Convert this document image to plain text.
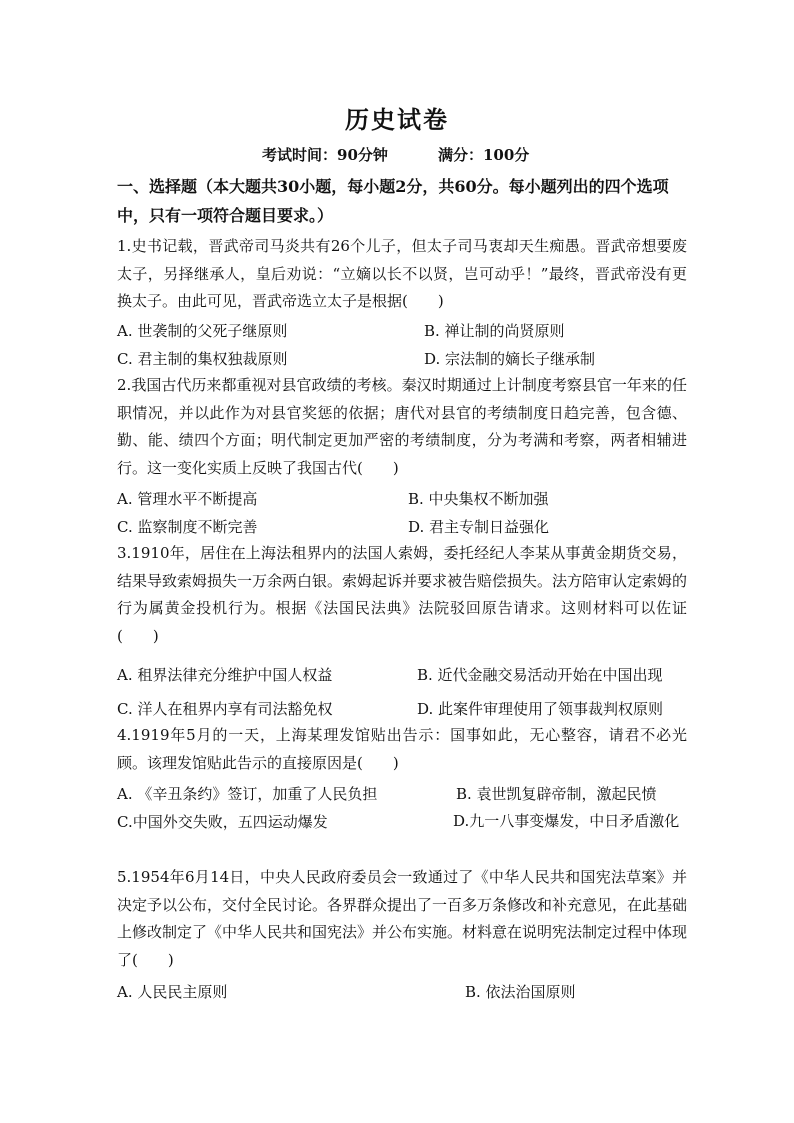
历史试卷
考试时间：90分钟	满分：100分
一、选择题（本大题共30小题，每小题2分，共60分。每小题列出的四个选项中，只有一项符合题目要求。）
1.史书记载，晋武帝司马炎共有26个儿子，但太子司马衷却天生痴愚。晋武帝想要废太子，另择继承人，皇后劝说：“立嫡以长不以贤，岂可动乎！”最终，晋武帝没有更换太子。由此可见，晋武帝选立太子是根据(　　)
A. 世袭制的父死子继原则	B. 禅让制的尚贤原则
C. 君主制的集权独裁原则	D. 宗法制的嫡长子继承制
2.我国古代历来都重视对县官政绩的考核。秦汉时期通过上计制度考察县官一年来的任职情况，并以此作为对县官奖惩的依据；唐代对县官的考绩制度日趋完善，包含德、勤、能、绩四个方面；明代制定更加严密的考绩制度，分为考满和考察，两者相辅进行。这一变化实质上反映了我国古代(　　)
A. 管理水平不断提高	B. 中央集权不断加强
C. 监察制度不断完善	D. 君主专制日益强化
3.1910年，居住在上海法租界内的法国人索姆，委托经纪人李某从事黄金期货交易，结果导致索姆损失一万余两白银。索姆起诉并要求被告赔偿损失。法方陪审认定索姆的行为属黄金投机行为。根据《法国民法典》法院驳回原告请求。这则材料可以佐证(　　)
A. 租界法律充分维护中国人权益	B. 近代金融交易活动开始在中国出现
C. 洋人在租界内享有司法豁免权	D. 此案件审理使用了领事裁判权原则
4.1919年5月的一天，上海某理发馆贴出告示：国事如此，无心整容，请君不必光顾。该理发馆贴此告示的直接原因是(　　)
A. 《辛丑条约》签订，加重了人民负担	B. 袁世凯复辟帝制，激起民愤
C.中国外交失败，五四运动爆发	D.九一八事变爆发，中日矛盾激化
5.1954年6月14日，中央人民政府委员会一致通过了《中华人民共和国宪法草案》并决定予以公布，交付全民讨论。各界群众提出了一百多万条修改和补充意见，在此基础上修改制定了《中华人民共和国宪法》并公布实施。材料意在说明宪法制定过程中体现了(　　)
A. 人民民主原则	B. 依法治国原则
